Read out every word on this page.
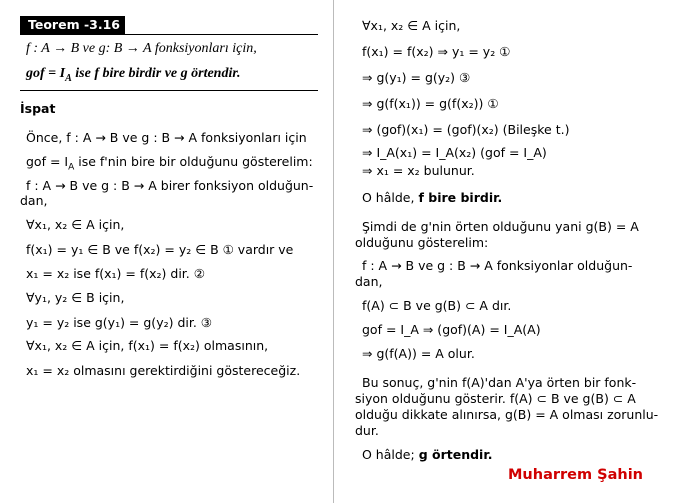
Teorem -3.16
f : A → B ve g: B → A fonksiyonları için,
gof = $I_A$ ise f bire birdir ve g örtendir.
İspat
Önce, f : A → B ve g : B → A fonksiyonları için
gof = $I_A$ ise f'nin bire bir olduğunu gösterelim:
f : A → B ve g : B → A birer fonksiyon olduğun-
dan,
∀x₁, x₂ ∈ A için,
f(x₁) = y₁ ∈ B ve f(x₂) = y₂ ∈ B ① vardır ve
x₁ = x₂ ise f(x₁) = f(x₂) dir. ②
∀y₁, y₂ ∈ B için,
y₁ = y₂ ise g(y₁) = g(y₂) dir. ③
∀x₁, x₂ ∈ A için, f(x₁) = f(x₂) olmasının,
x₁ = x₂ olmasını gerektirdiğini göstereceğiz.
∀x₁, x₂ ∈ A için,
f(x₁) = f(x₂) ⇒ y₁ = y₂ ①
⇒ g(y₁) = g(y₂) ③
⇒ g(f(x₁)) = g(f(x₂)) ①
⇒ (gof)(x₁) = (gof)(x₂) (Bileşke t.)
⇒ I_A(x₁) = I_A(x₂) (gof = I_A)
⇒ x₁ = x₂ bulunur.
O hâlde, f bire birdir.
Şimdi de g'nin örten olduğunu yani g(B) = A
olduğunu gösterelim:
f : A → B ve g : B → A fonksiyonlar olduğun-
dan,
f(A) ⊂ B ve g(B) ⊂ A dır.
gof = I_A ⇒ (gof)(A) = I_A(A)
⇒ g(f(A)) = A olur.
Bu sonuç, g'nin f(A)'dan A'ya örten bir fonk-
siyon olduğunu gösterir. f(A) ⊂ B ve g(B) ⊂ A
olduğu dikkate alınırsa, g(B) = A olması zorunlu-
dur.
O hâlde; g örtendir.
Muharrem Şahin
